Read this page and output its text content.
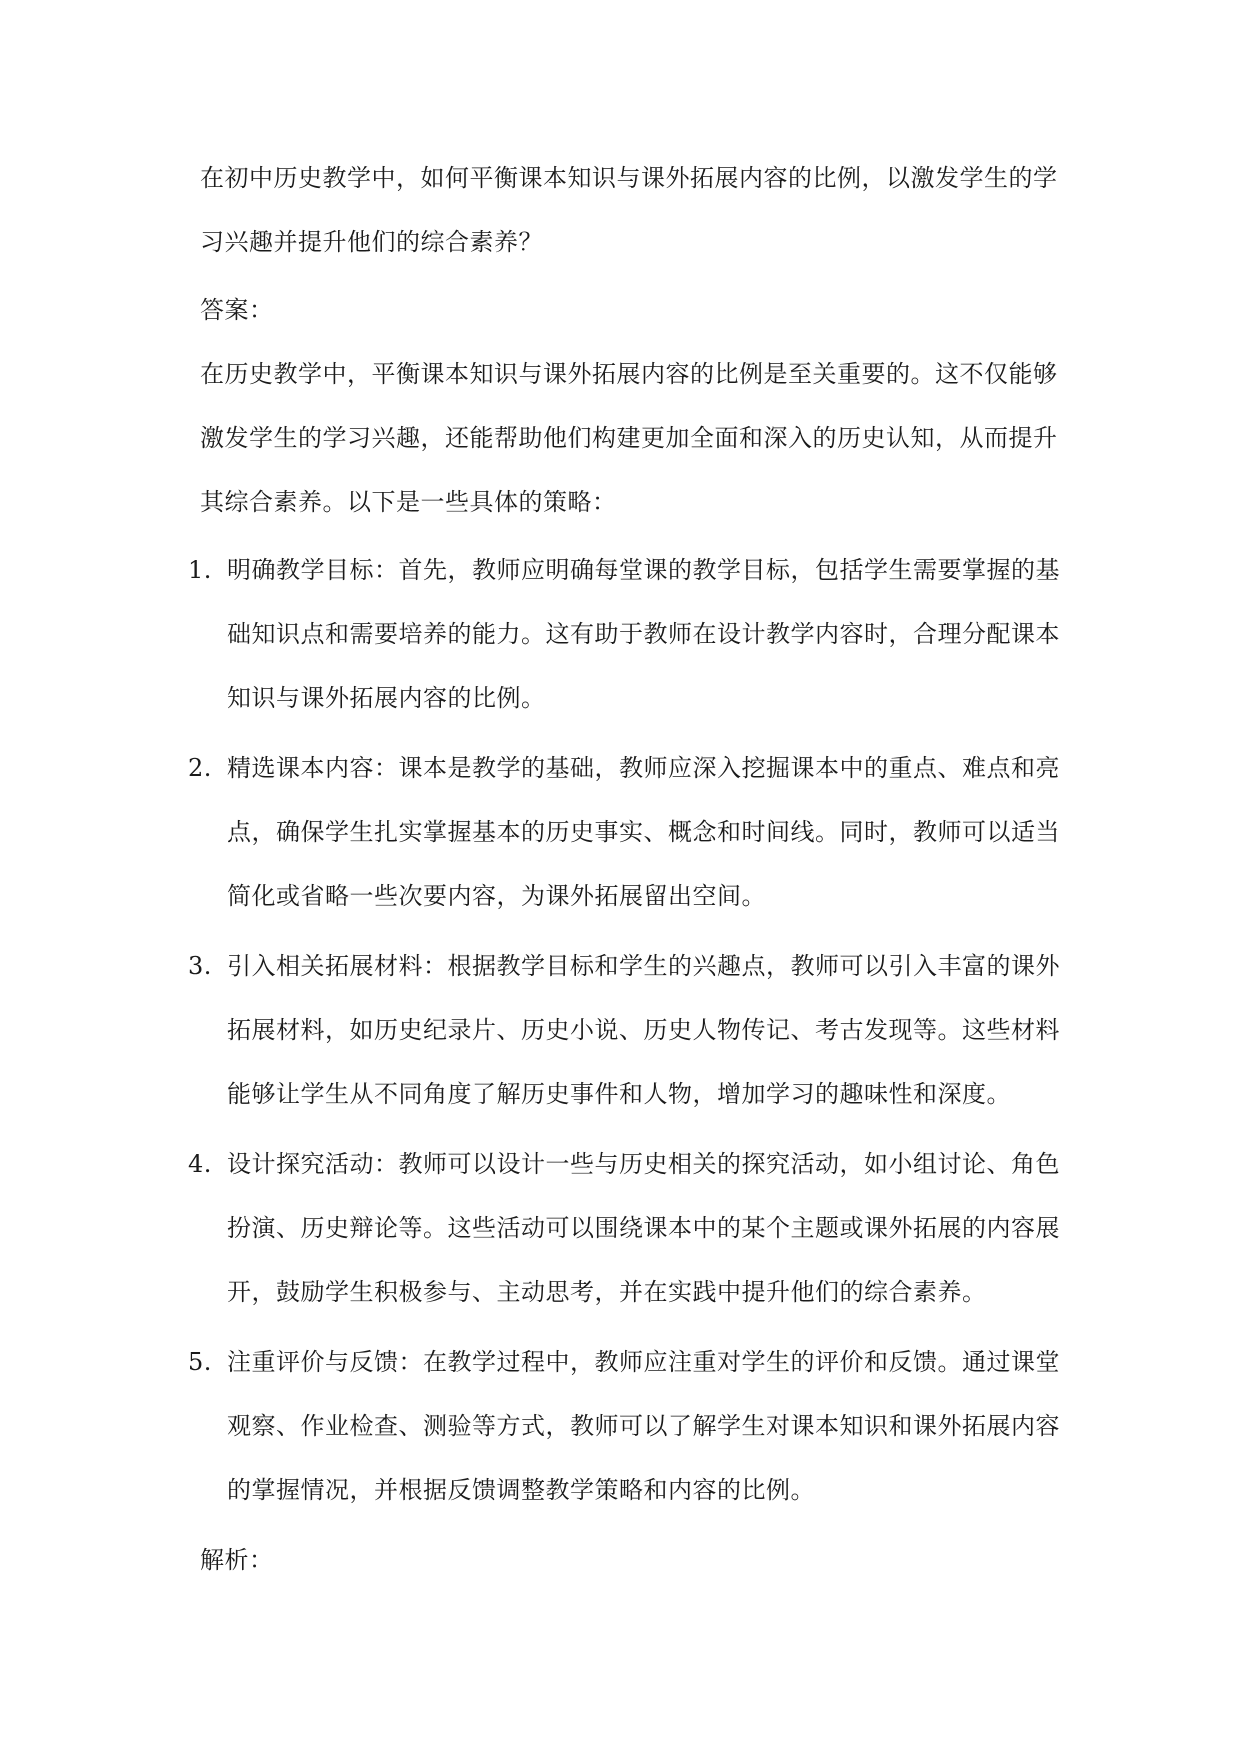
在初中历史教学中，如何平衡课本知识与课外拓展内容的比例，以激发学生的学习兴趣并提升他们的综合素养？

答案：

在历史教学中，平衡课本知识与课外拓展内容的比例是至关重要的。这不仅能够激发学生的学习兴趣，还能帮助他们构建更加全面和深入的历史认知，从而提升其综合素养。以下是一些具体的策略：

1. 明确教学目标：首先，教师应明确每堂课的教学目标，包括学生需要掌握的基础知识点和需要培养的能力。这有助于教师在设计教学内容时，合理分配课本知识与课外拓展内容的比例。
2. 精选课本内容：课本是教学的基础，教师应深入挖掘课本中的重点、难点和亮点，确保学生扎实掌握基本的历史事实、概念和时间线。同时，教师可以适当简化或省略一些次要内容，为课外拓展留出空间。
3. 引入相关拓展材料：根据教学目标和学生的兴趣点，教师可以引入丰富的课外拓展材料，如历史纪录片、历史小说、历史人物传记、考古发现等。这些材料能够让学生从不同角度了解历史事件和人物，增加学习的趣味性和深度。
4. 设计探究活动：教师可以设计一些与历史相关的探究活动，如小组讨论、角色扮演、历史辩论等。这些活动可以围绕课本中的某个主题或课外拓展的内容展开，鼓励学生积极参与、主动思考，并在实践中提升他们的综合素养。
5. 注重评价与反馈：在教学过程中，教师应注重对学生的评价和反馈。通过课堂观察、作业检查、测验等方式，教师可以了解学生对课本知识和课外拓展内容的掌握情况，并根据反馈调整教学策略和内容的比例。

解析：
